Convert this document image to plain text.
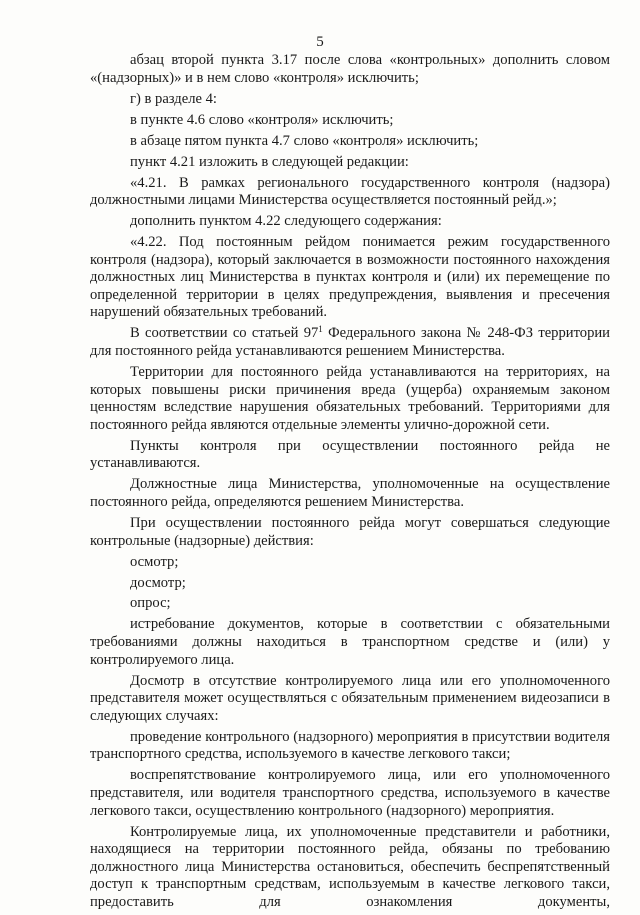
5

абзац второй пункта 3.17 после слова «контрольных» дополнить словом «(надзорных)» и в нем слово «контроля» исключить;

г) в разделе 4:

в пункте 4.6 слово «контроля» исключить;

в абзаце пятом пункта 4.7 слово «контроля» исключить;

пункт 4.21 изложить в следующей редакции:

«4.21. В рамках регионального государственного контроля (надзора) должностными лицами Министерства осуществляется постоянный рейд.»;

дополнить пунктом 4.22 следующего содержания:

«4.22. Под постоянным рейдом понимается режим государственного контроля (надзора), который заключается в возможности постоянного нахождения должностных лиц Министерства в пунктах контроля и (или) их перемещение по определенной территории в целях предупреждения, выявления и пресечения нарушений обязательных требований.

В соответствии со статьей $97^1$ Федерального закона № 248-ФЗ территории для постоянного рейда устанавливаются решением Министерства.

Территории для постоянного рейда устанавливаются на территориях, на которых повышены риски причинения вреда (ущерба) охраняемым законом ценностям вследствие нарушения обязательных требований. Территориями для постоянного рейда являются отдельные элементы улично-дорожной сети.

Пункты контроля при осуществлении постоянного рейда не устанавливаются.

Должностные лица Министерства, уполномоченные на осуществление постоянного рейда, определяются решением Министерства.

При осуществлении постоянного рейда могут совершаться следующие контрольные (надзорные) действия:

осмотр;

досмотр;

опрос;

истребование документов, которые в соответствии с обязательными требованиями должны находиться в транспортном средстве и (или) у контролируемого лица.

Досмотр в отсутствие контролируемого лица или его уполномоченного представителя может осуществляться с обязательным применением видеозаписи в следующих случаях:

проведение контрольного (надзорного) мероприятия в присутствии водителя транспортного средства, используемого в качестве легкового такси;

воспрепятствование контролируемого лица, или его уполномоченного представителя, или водителя транспортного средства, используемого в качестве легкового такси, осуществлению контрольного (надзорного) мероприятия.

Контролируемые лица, их уполномоченные представители и работники, находящиеся на территории постоянного рейда, обязаны по требованию должностного лица Министерства остановиться, обеспечить беспрепятственный доступ к транспортным средствам, используемым в качестве легкового такси, предоставить для ознакомления документы,
